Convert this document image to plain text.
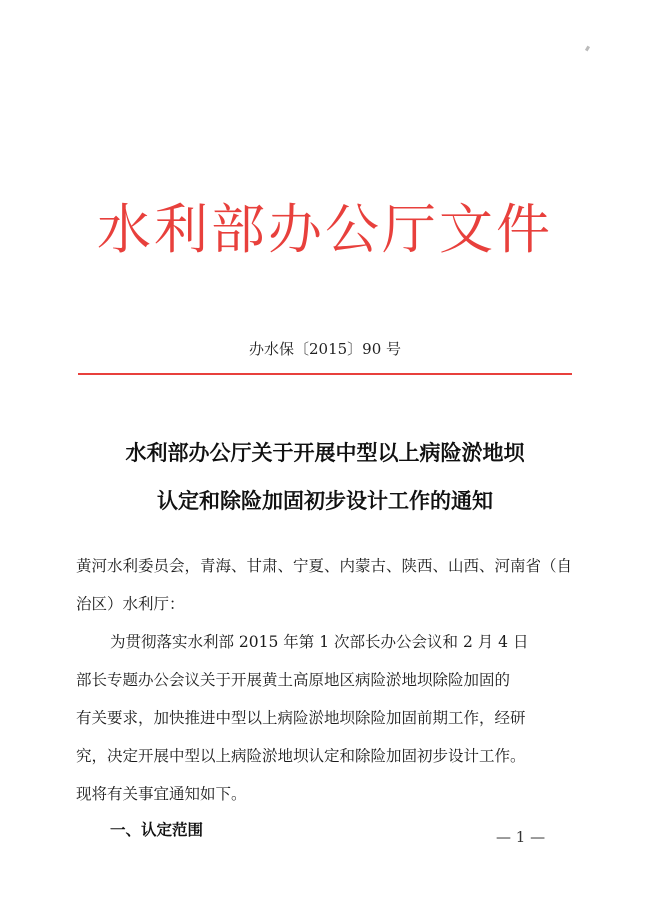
水利部办公厅文件
办水保〔2015〕90 号
水利部办公厅关于开展中型以上病险淤地坝
认定和除险加固初步设计工作的通知
黄河水利委员会，青海、甘肃、宁夏、内蒙古、陕西、山西、河南省（自
治区）水利厅：
为贯彻落实水利部 2015 年第 1 次部长办公会议和 2 月 4 日
部长专题办公会议关于开展黄土高原地区病险淤地坝除险加固的
有关要求，加快推进中型以上病险淤地坝除险加固前期工作，经研
究，决定开展中型以上病险淤地坝认定和除险加固初步设计工作。
现将有关事宜通知如下。
一、认定范围	— 1 —
